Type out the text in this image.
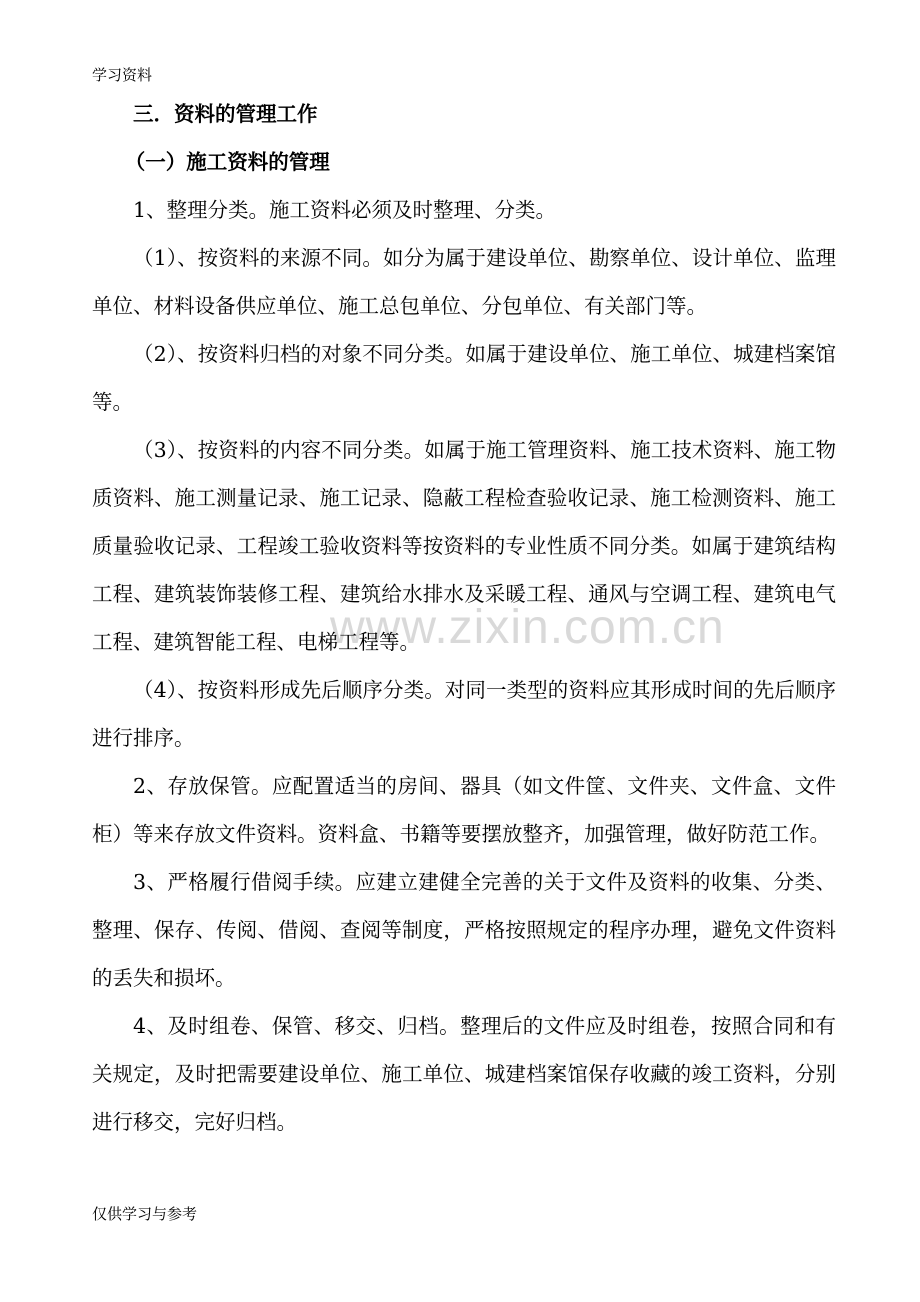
学习资料
www.zixin.com.cn

三．资料的管理工作

（一）施工资料的管理

1、整理分类。施工资料必须及时整理、分类。

（1）、按资料的来源不同。如分为属于建设单位、勘察单位、设计单位、监理单位、材料设备供应单位、施工总包单位、分包单位、有关部门等。

（2）、按资料归档的对象不同分类。如属于建设单位、施工单位、城建档案馆等。

（3）、按资料的内容不同分类。如属于施工管理资料、施工技术资料、施工物质资料、施工测量记录、施工记录、隐蔽工程检查验收记录、施工检测资料、施工质量验收记录、工程竣工验收资料等按资料的专业性质不同分类。如属于建筑结构工程、建筑装饰装修工程、建筑给水排水及采暖工程、通风与空调工程、建筑电气工程、建筑智能工程、电梯工程等。

（4）、按资料形成先后顺序分类。对同一类型的资料应其形成时间的先后顺序进行排序。

2、存放保管。应配置适当的房间、器具（如文件筐、文件夹、文件盒、文件柜）等来存放文件资料。资料盒、书籍等要摆放整齐，加强管理，做好防范工作。

3、严格履行借阅手续。应建立建健全完善的关于文件及资料的收集、分类、整理、保存、传阅、借阅、查阅等制度，严格按照规定的程序办理，避免文件资料的丢失和损坏。

4、及时组卷、保管、移交、归档。整理后的文件应及时组卷，按照合同和有关规定，及时把需要建设单位、施工单位、城建档案馆保存收藏的竣工资料，分别进行移交，完好归档。

仅供学习与参考
